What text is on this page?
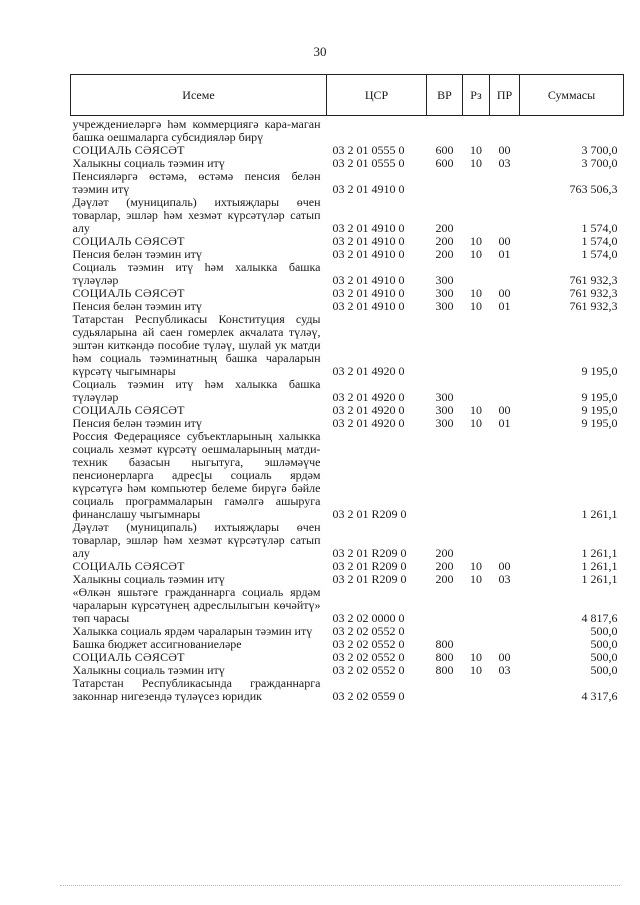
30
Исеме	ЦСР	ВР	Рз	ПР	Суммасы
учреждениеләргә һәм коммерциягә кара-маган башка оешмаларга субсидияләр бирү					
СОЦИАЛЬ СӘЯСӘТ	03 2 01 0555 0	600	10	00	3 700,0
Халыкны социаль тәэмин итү	03 2 01 0555 0	600	10	03	3 700,0
Пенсияләргә өстәмә, өстәмә пенсия белән тәэмин итү	03 2 01 4910 0				763 506,3
Дәүләт (муниципаль) ихтыяҗлары өчен товарлар, эшләр һәм хезмәт күрсәтүләр сатып алу	03 2 01 4910 0	200			1 574,0
СОЦИАЛЬ СӘЯСӘТ	03 2 01 4910 0	200	10	00	1 574,0
Пенсия белән тәэмин итү	03 2 01 4910 0	200	10	01	1 574,0
Социаль тәэмин итү һәм халыкка башка түләүләр	03 2 01 4910 0	300			761 932,3
СОЦИАЛЬ СӘЯСӘТ	03 2 01 4910 0	300	10	00	761 932,3
Пенсия белән тәэмин итү	03 2 01 4910 0	300	10	01	761 932,3
Татарстан Республикасы Конституция суды судьяларына ай саен гомерлек акчалата түләү, эштән киткәндә пособие түләү, шулай ук матди һәм социаль тәэминатның башка чараларын күрсәтү чыгымнары	03 2 01 4920 0				9 195,0
Социаль тәэмин итү һәм халыкка башка түләүләр	03 2 01 4920 0	300			9 195,0
СОЦИАЛЬ СӘЯСӘТ	03 2 01 4920 0	300	10	00	9 195,0
Пенсия белән тәэмин итү	03 2 01 4920 0	300	10	01	9 195,0
Россия Федерациясе субъектларының халыкка социаль хезмәт күрсәтү оешмаларының матди-техник базасын ныгытуга, эшләмәүче пенсионерларга адресլы социаль ярдәм күрсәтүгә һәм компьютер белеме бирүгә бәйле социаль программаларын гамәлгә ашыруга финанслашу чыгымнары	03 2 01 R209 0				1 261,1
Дәүләт (муниципаль) ихтыяҗлары өчен товарлар, эшләр һәм хезмәт күрсәтүләр сатып алу	03 2 01 R209 0	200			1 261,1
СОЦИАЛЬ СӘЯСӘТ	03 2 01 R209 0	200	10	00	1 261,1
Халыкны социаль тәэмин итү	03 2 01 R209 0	200	10	03	1 261,1
«Өлкән яшьтәге гражданнарга социаль ярдәм чараларын күрсәтүнең адреслылыгын көчәйтү» төп чарасы	03 2 02 0000 0				4 817,6
Халыкка социаль ярдәм чараларын тәэмин итү	03 2 02 0552 0				500,0
Башка бюджет ассигнованиеләре	03 2 02 0552 0	800			500,0
СОЦИАЛЬ СӘЯСӘТ	03 2 02 0552 0	800	10	00	500,0
Халыкны социаль тәэмин итү	03 2 02 0552 0	800	10	03	500,0
Татарстан Республикасында гражданнарга законнар нигезендә түләүсез юридик	03 2 02 0559 0				4 317,6
